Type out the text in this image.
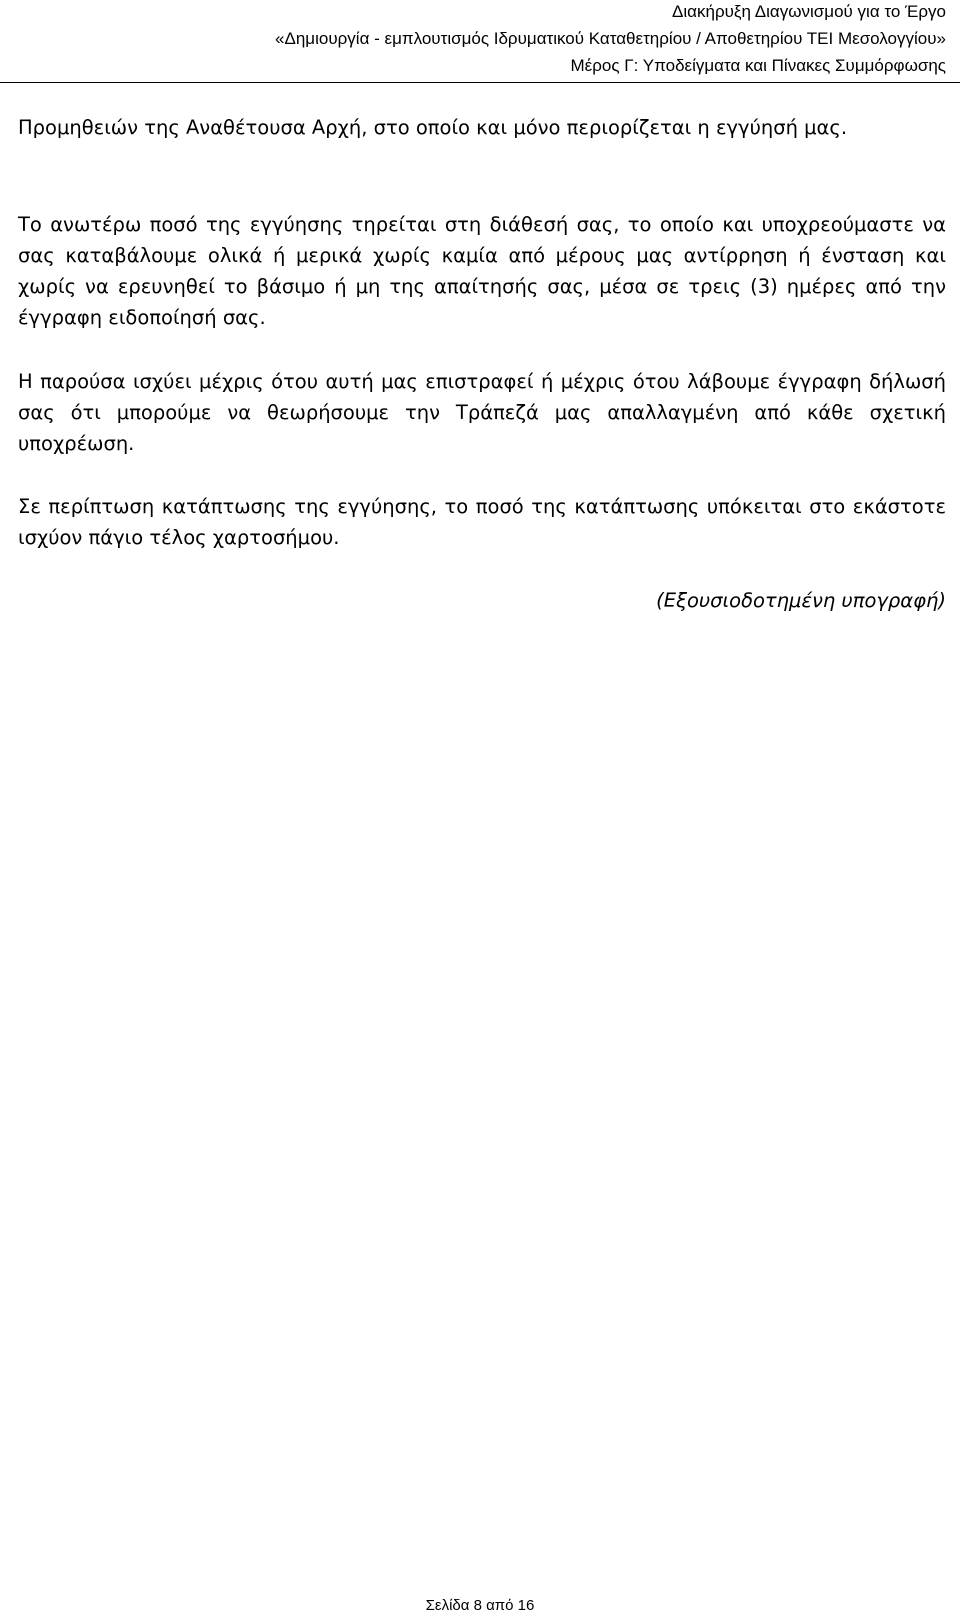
Διακήρυξη Διαγωνισμού για το Έργο
«Δημιουργία - εμπλουτισμός Ιδρυματικού Καταθετηρίου / Αποθετηρίου ΤΕΙ Μεσολογγίου»
Μέρος Γ: Υποδείγματα και Πίνακες Συμμόρφωσης

Προμηθειών της Αναθέτουσα Αρχή, στο οποίο και μόνο περιορίζεται η εγγύησή μας.

Το ανωτέρω ποσό της εγγύησης τηρείται στη διάθεσή σας, το οποίο και υποχρεούμαστε να σας καταβάλουμε ολικά ή μερικά χωρίς καμία από μέρους μας αντίρρηση ή ένσταση και χωρίς να ερευνηθεί το βάσιμο ή μη της απαίτησής σας, μέσα σε τρεις (3) ημέρες από την έγγραφη ειδοποίησή σας.

Η παρούσα ισχύει μέχρις ότου αυτή μας επιστραφεί ή μέχρις ότου λάβουμε έγγραφη δήλωσή σας ότι μπορούμε να θεωρήσουμε την Τράπεζά μας απαλλαγμένη από κάθε σχετική υποχρέωση.

Σε περίπτωση κατάπτωσης της εγγύησης, το ποσό της κατάπτωσης υπόκειται στο εκάστοτε ισχύον πάγιο τέλος χαρτοσήμου.

(Εξουσιοδοτημένη υπογραφή)
Σελίδα 8 από 16
